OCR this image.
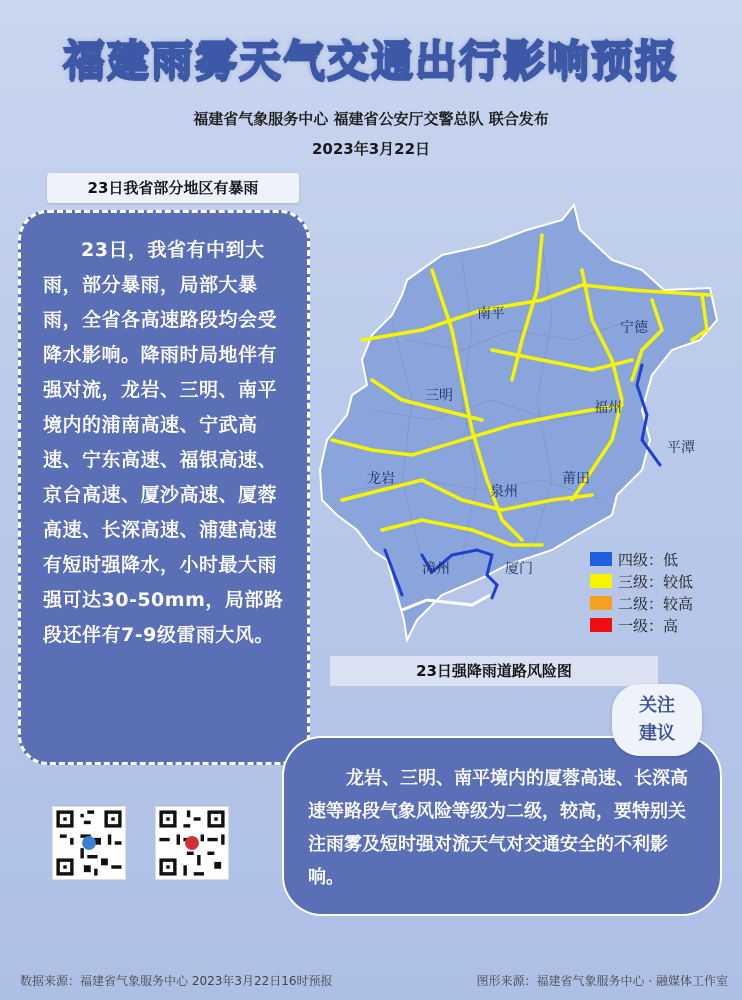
福建雨雾天气交通出行影响预报
福建省气象服务中心 福建省公安厅交警总队 联合发布
2023年3月22日
23日我省部分地区有暴雨
23日，我省有中到大雨，部分暴雨，局部大暴雨，全省各高速路段均会受降水影响。降雨时局地伴有强对流，龙岩、三明、南平境内的浦南高速、宁武高速、宁东高速、福银高速、京台高速、厦沙高速、厦蓉高速、长深高速、浦建高速有短时强降水，小时最大雨强可达30-50mm，局部路段还伴有7-9级雷雨大风。
南平
宁德
三明
福州
平潭
龙岩
泉州
莆田
漳州	厦门
四级：低
三级：较低
二级：较高
一级：高
23日强降雨道路风险图
龙岩、三明、南平境内的厦蓉高速、长深高速等路段气象风险等级为二级，较高，要特别关注雨雾及短时强对流天气对交通安全的不利影响。
关注
建议
数据来源：福建省气象服务中心 2023年3月22日16时预报	图形来源：福建省气象服务中心 · 融媒体工作室
